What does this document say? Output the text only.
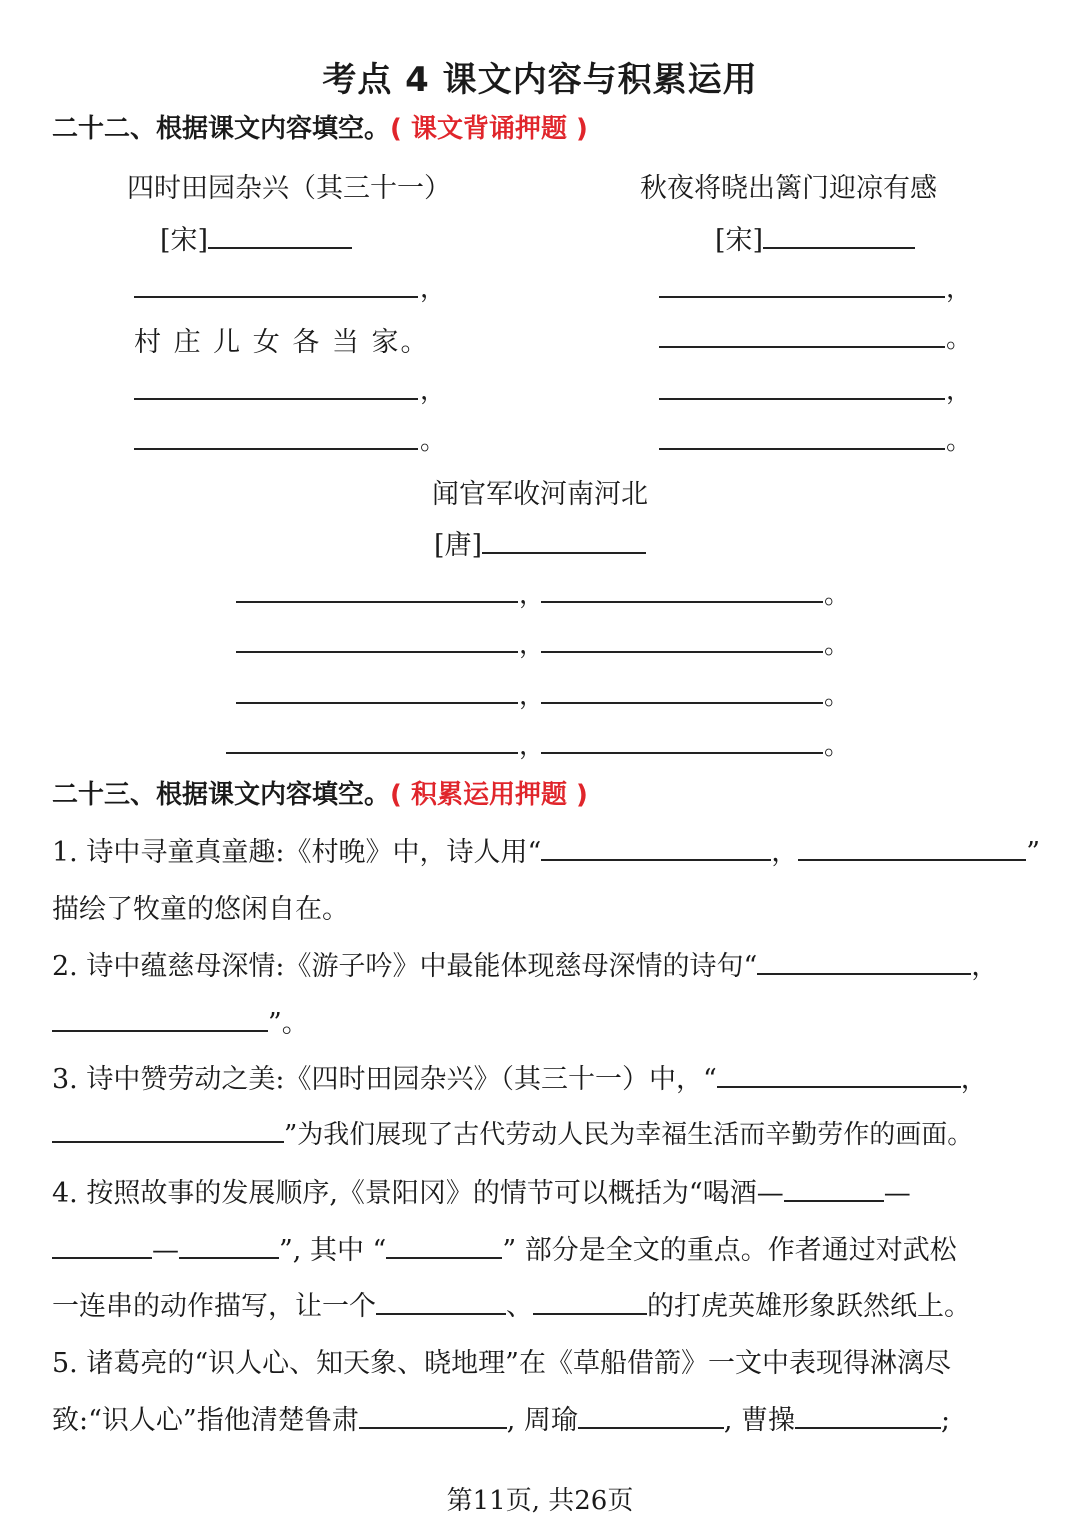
考点 4 课文内容与积累运用
二十二、根据课文内容填空。( 课文背诵押题 )
四时田园杂兴（其三十一）
[宋]
，
村 庄 儿 女 各 当 家。
，
。
秋夜将晓出篱门迎凉有感
[宋]
，
。
，
。
闻官军收河南河北
[唐]
，	。
，	。
，	。
，	。
二十三、根据课文内容填空。( 积累运用押题 )
1. 诗中寻童真童趣:《村晚》中，诗人用“	，	”
描绘了牧童的悠闲自在。
2. 诗中蕴慈母深情:《游子吟》中最能体现慈母深情的诗句“	，
”。
3. 诗中赞劳动之美:《四时田园杂兴》（其三十一）中，“	，
”为我们展现了古代劳动人民为幸福生活而辛勤劳作的画面。
4. 按照故事的发展顺序,《景阳冈》的情节可以概括为“喝酒—	—
—	”, 其中 “	” 部分是全文的重点。作者通过对武松
一连串的动作描写，让一个	、	的打虎英雄形象跃然纸上。
5. 诸葛亮的“识人心、知天象、晓地理”在《草船借箭》一文中表现得淋漓尽
致:“识人心”指他清楚鲁肃	, 周瑜	, 曹操	;
第11页, 共26页
